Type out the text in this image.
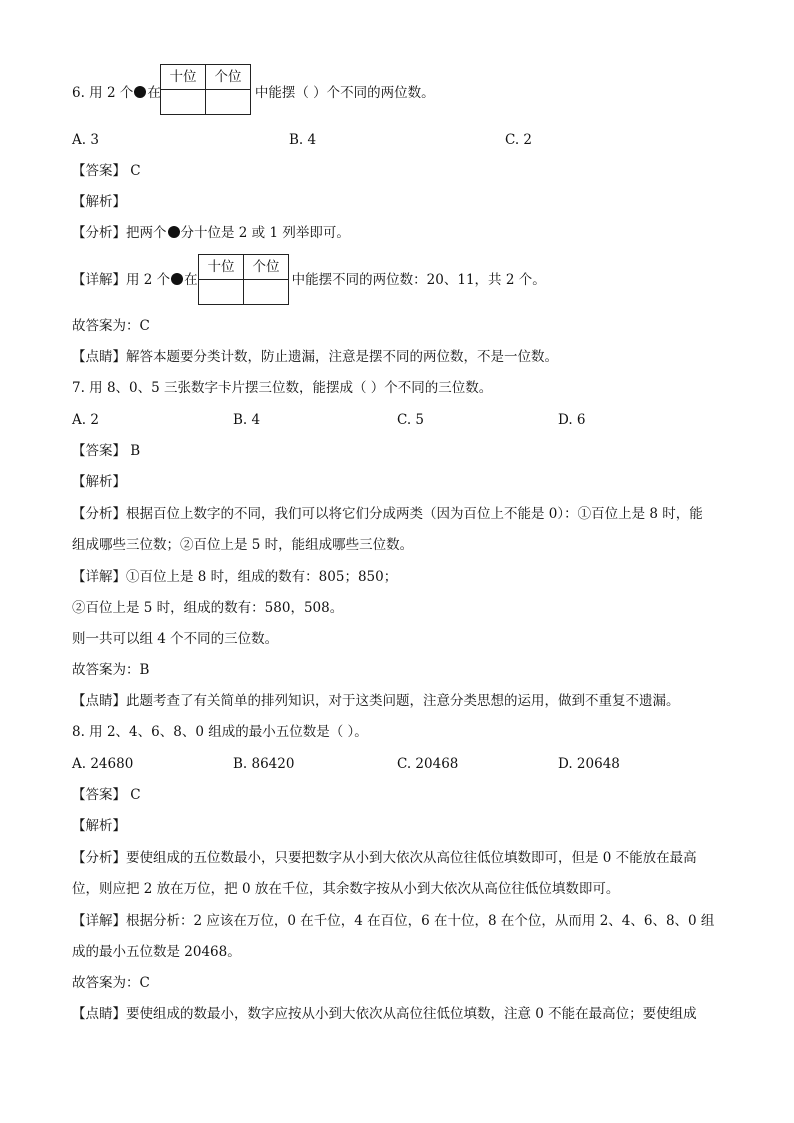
6. 用 2 个 在	中能摆（ ）个不同的两位数。
十位	个位

A. 3	B. 4	C. 2
【答案】 C
【解析】
【分析】把两个 分十位是 2 或 1 列举即可。
【详解】用 2 个 在	中能摆不同的两位数：20、11，共 2 个。
十位	个位

故答案为：C
【点睛】解答本题要分类计数，防止遗漏，注意是摆不同的两位数，不是一位数。
7. 用 8、0、5 三张数字卡片摆三位数，能摆成（ ）个不同的三位数。
A. 2	B. 4	C. 5	D. 6
【答案】 B
【解析】
【分析】根据百位上数字的不同，我们可以将它们分成两类（因为百位上不能是 0）：①百位上是 8 时，能
组成哪些三位数；②百位上是 5 时，能组成哪些三位数。
【详解】①百位上是 8 时，组成的数有：805；850；
②百位上是 5 时，组成的数有：580，508。
则一共可以组 4 个不同的三位数。
故答案为：B
【点睛】此题考查了有关简单的排列知识，对于这类问题，注意分类思想的运用，做到不重复不遗漏。
8. 用 2、4、6、8、0 组成的最小五位数是（ ）。
A. 24680	B. 86420	C. 20468	D. 20648
【答案】 C
【解析】
【分析】要使组成的五位数最小，只要把数字从小到大依次从高位往低位填数即可，但是 0 不能放在最高
位，则应把 2 放在万位，把 0 放在千位，其余数字按从小到大依次从高位往低位填数即可。
【详解】根据分析：2 应该在万位，0 在千位，4 在百位，6 在十位，8 在个位，从而用 2、4、6、8、0 组
成的最小五位数是 20468。
故答案为：C
【点睛】要使组成的数最小，数字应按从小到大依次从高位往低位填数，注意 0 不能在最高位；要使组成
